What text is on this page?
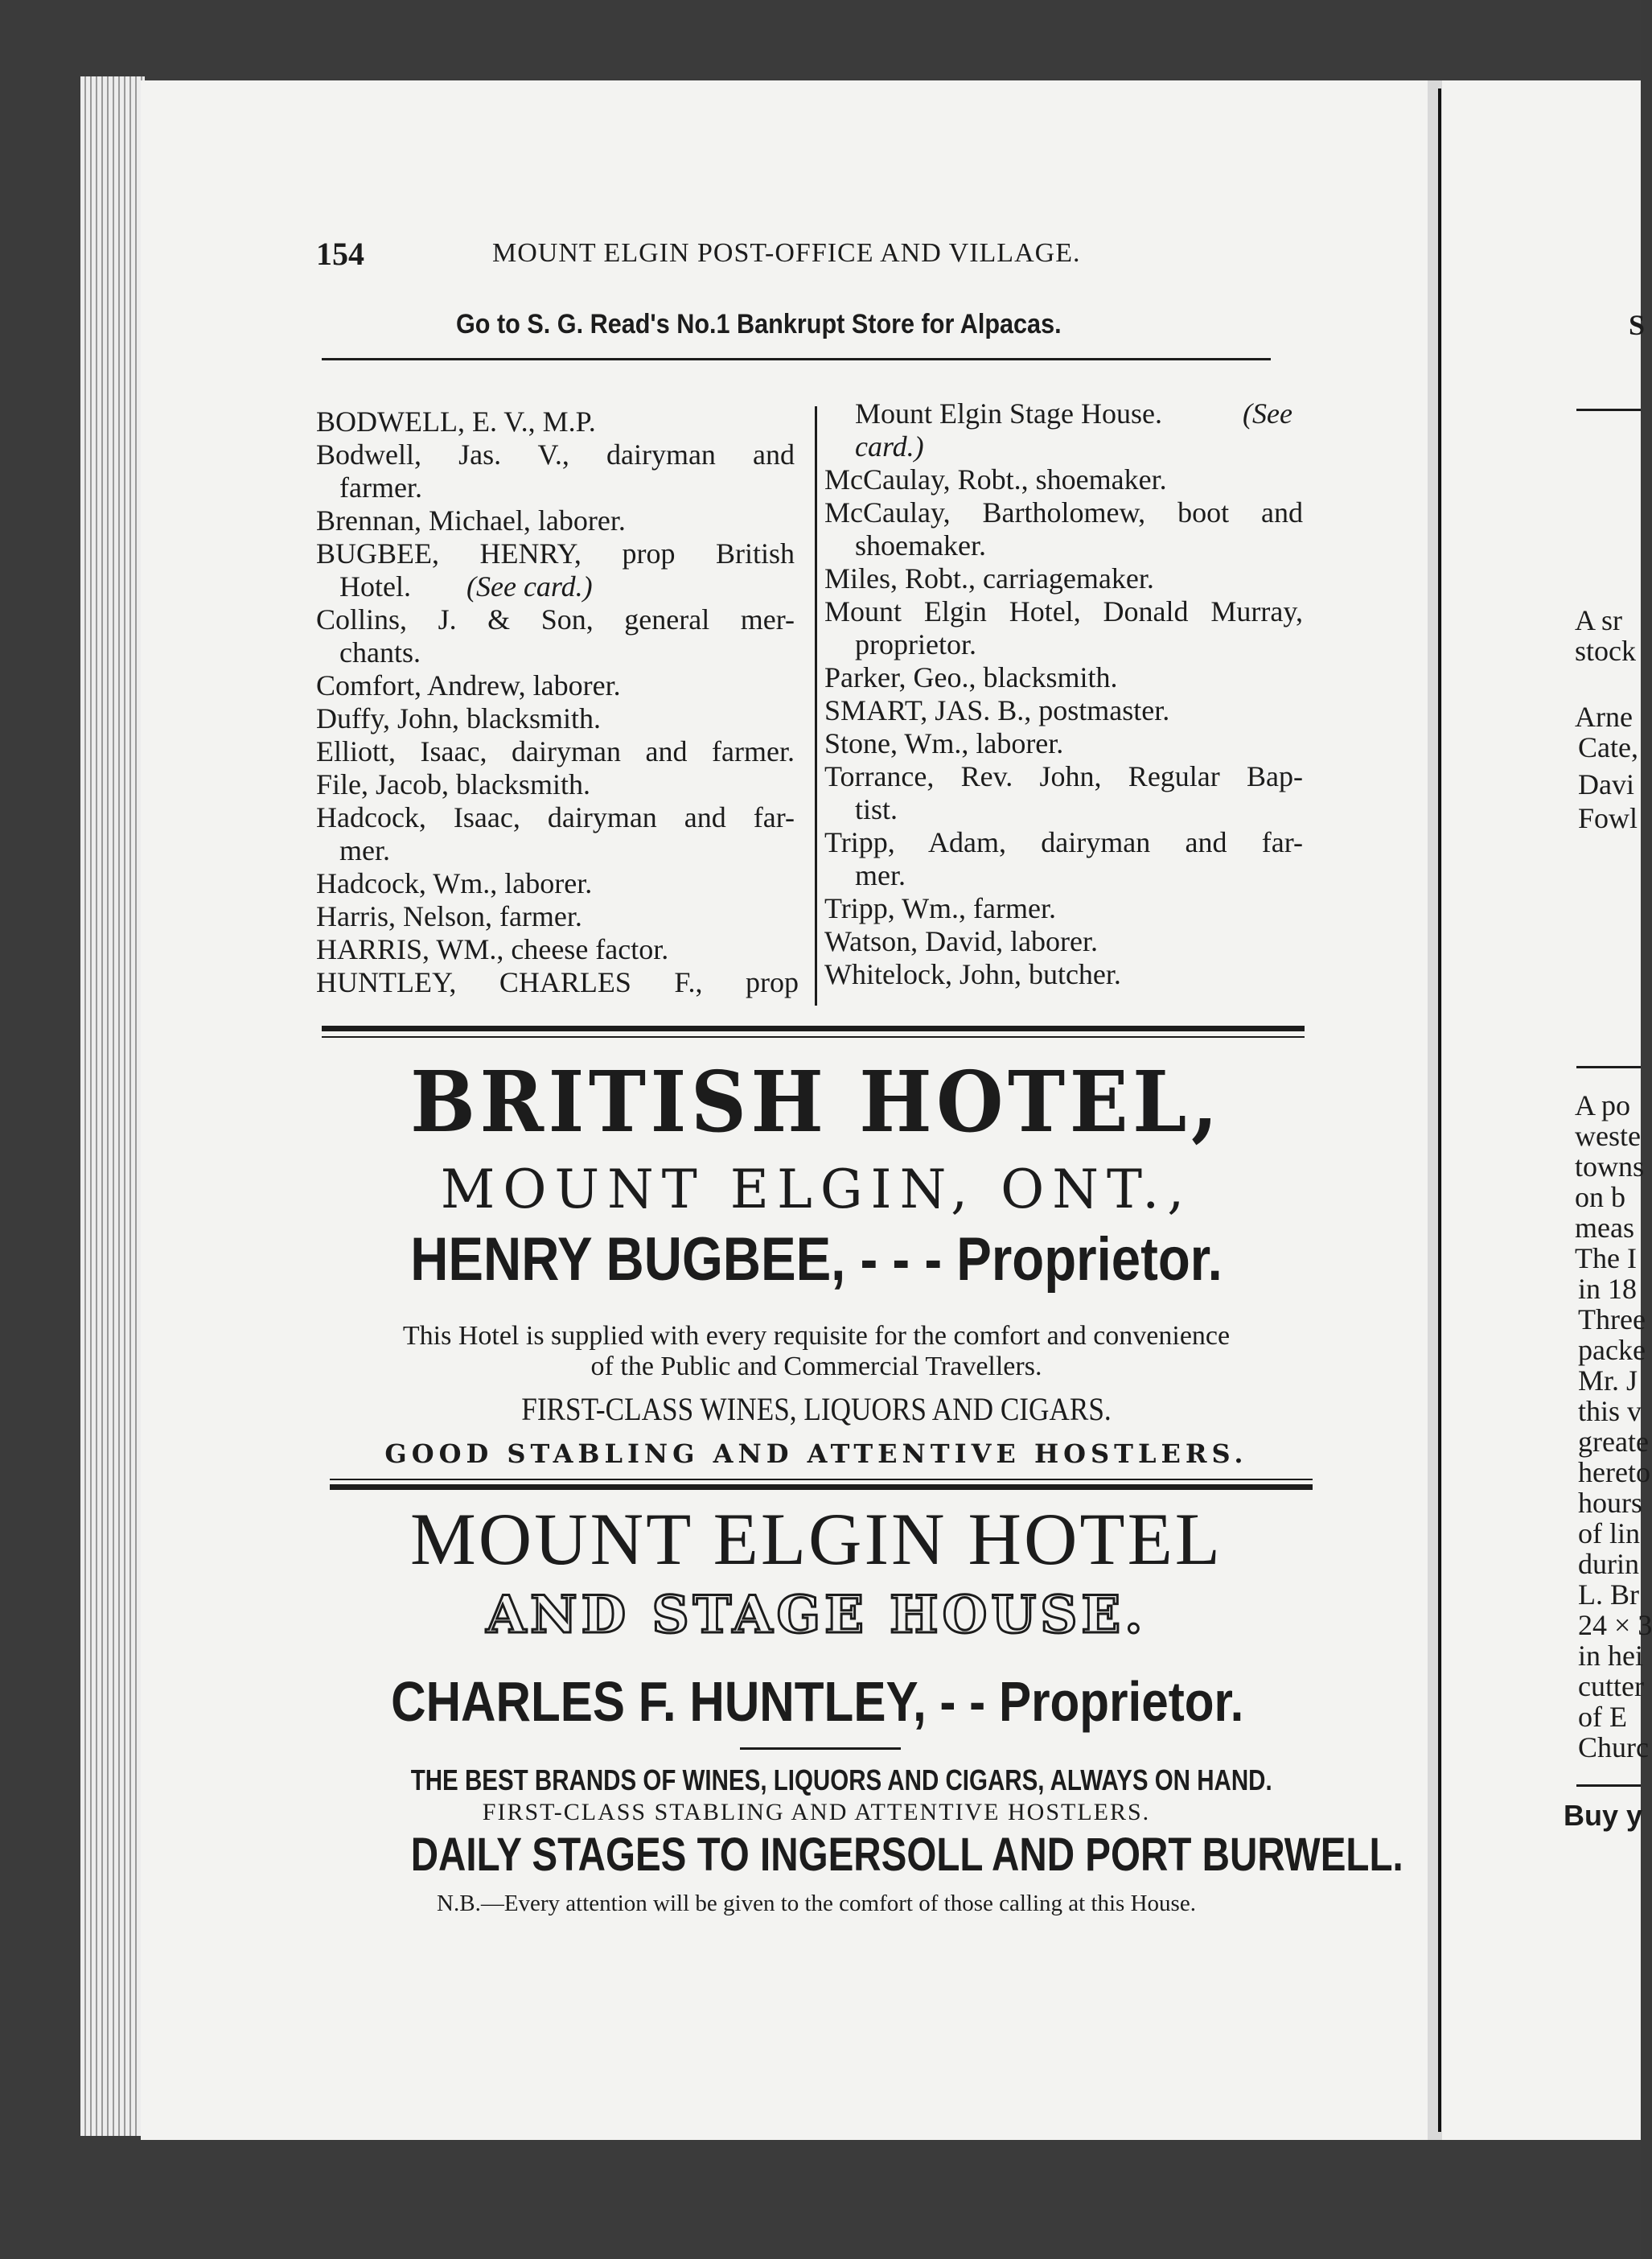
154	MOUNT ELGIN POST-OFFICE AND VILLAGE.
Go to S. G. Read's No.1 Bankrupt Store for Alpacas.
BODWELL, E. V., M.P.
Bodwell, Jas. V., dairyman and
farmer.
Brennan, Michael, laborer.
BUGBEE, HENRY, prop British
Hotel. (See card.)
Collins, J. & Son, general mer-
chants.
Comfort, Andrew, laborer.
Duffy, John, blacksmith.
Elliott, Isaac, dairyman and farmer.
File, Jacob, blacksmith.
Hadcock, Isaac, dairyman and far-
mer.
Hadcock, Wm., laborer.
Harris, Nelson, farmer.
HARRIS, WM., cheese factor.
HUNTLEY, CHARLES F., prop
Mount Elgin Stage House.	(See
card.)
McCaulay, Robt., shoemaker.
McCaulay, Bartholomew, boot and
shoemaker.
Miles, Robt., carriagemaker.
Mount Elgin Hotel, Donald Murray,
proprietor.
Parker, Geo., blacksmith.
SMART, JAS. B., postmaster.
Stone, Wm., laborer.
Torrance, Rev. John, Regular Bap-
tist.
Tripp, Adam, dairyman and far-
mer.
Tripp, Wm., farmer.
Watson, David, laborer.
Whitelock, John, butcher.
BRITISH HOTEL,
MOUNT ELGIN, ONT.,
HENRY BUGBEE, - - - Proprietor.
This Hotel is supplied with every requisite for the comfort and convenience
of the Public and Commercial Travellers.
FIRST-CLASS WINES, LIQUORS AND CIGARS.
GOOD STABLING AND ATTENTIVE HOSTLERS.
MOUNT ELGIN HOTEL
AND STAGE HOUSE.
CHARLES F. HUNTLEY, - - Proprietor.
THE BEST BRANDS OF WINES, LIQUORS AND CIGARS, ALWAYS ON HAND.
FIRST-CLASS STABLING AND ATTENTIVE HOSTLERS.
DAILY STAGES TO INGERSOLL AND PORT BURWELL.
N.B.—Every attention will be given to the comfort of those calling at this House.
S
A sr
stock
Arne
Cate,
Davi
Fowl
A po
weste
towns
on b
meas
The I
in 18
Three
packe
Mr. J
this v
greate
hereto
hours
of lin
durin
L. Br
24 × 3
in hei
cutter
of E
Churc
Buy y
